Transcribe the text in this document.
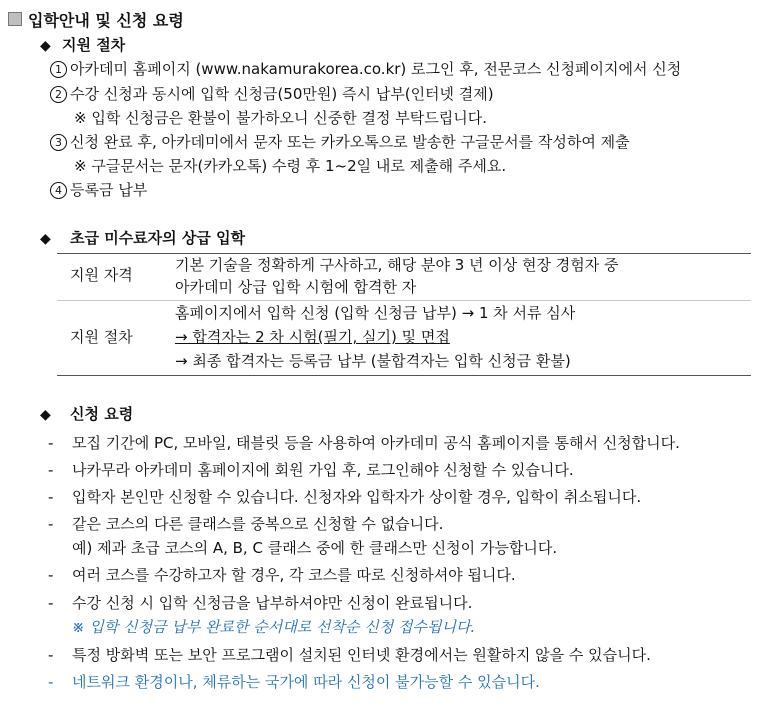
입학안내 및 신청 요령
◆ 지원 절차
1 아카데미 홈페이지 (www.nakamurakorea.co.kr) 로그인 후, 전문코스 신청페이지에서 신청
2 수강 신청과 동시에 입학 신청금(50만원) 즉시 납부(인터넷 결제)
※ 입학 신청금은 환불이 불가하오니 신중한 결정 부탁드립니다.
3 신청 완료 후, 아카데미에서 문자 또는 카카오톡으로 발송한 구글문서를 작성하여 제출
※ 구글문서는 문자(카카오톡) 수령 후 1~2일 내로 제출해 주세요.
4 등록금 납부
◆ 초급 미수료자의 상급 입학
지원 자격
기본 기술을 정확하게 구사하고, 해당 분야 3 년 이상 현장 경험자 중
아카데미 상급 입학 시험에 합격한 자
지원 절차
홈페이지에서 입학 신청 (입학 신청금 납부) → 1 차 서류 심사
→ 합격자는 2 차 시험(필기, 실기) 및 면접
→ 최종 합격자는 등록금 납부 (불합격자는 입학 신청금 환불)
◆ 신청 요령
- 모집 기간에 PC, 모바일, 태블릿 등을 사용하여 아카데미 공식 홈페이지를 통해서 신청합니다.
- 나카무라 아카데미 홈페이지에 회원 가입 후, 로그인해야 신청할 수 있습니다.
- 입학자 본인만 신청할 수 있습니다. 신청자와 입학자가 상이할 경우, 입학이 취소됩니다.
- 같은 코스의 다른 클래스를 중복으로 신청할 수 없습니다.
예) 제과 초급 코스의 A, B, C 클래스 중에 한 클래스만 신청이 가능합니다.
- 여러 코스를 수강하고자 할 경우, 각 코스를 따로 신청하셔야 됩니다.
- 수강 신청 시 입학 신청금을 납부하셔야만 신청이 완료됩니다.
※ 입학 신청금 납부 완료한 순서대로 선착순 신청 접수됩니다.
- 특정 방화벽 또는 보안 프로그램이 설치된 인터넷 환경에서는 원활하지 않을 수 있습니다.
- 네트워크 환경이나, 체류하는 국가에 따라 신청이 불가능할 수 있습니다.
